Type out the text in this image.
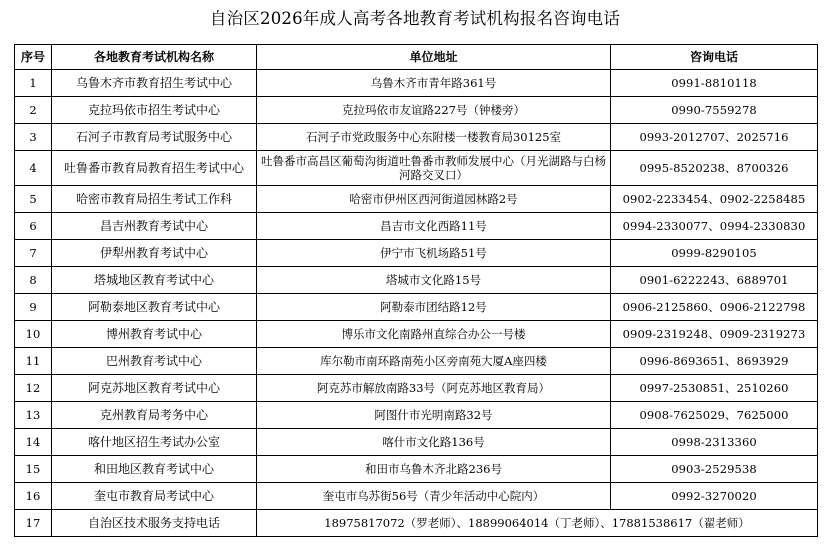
自治区2026年成人高考各地教育考试机构报名咨询电话
序号	各地教育考试机构名称	单位地址	咨询电话
1	乌鲁木齐市教育招生考试中心	乌鲁木齐市青年路361号	0991-8810118
2	克拉玛依市招生考试中心	克拉玛依市友谊路227号（钟楼旁）	0990-7559278
3	石河子市教育局考试服务中心	石河子市党政服务中心东附楼一楼教育局30125室	0993-2012707、2025716
4	吐鲁番市教育局教育招生考试中心	吐鲁番市高昌区葡萄沟街道吐鲁番市教师发展中心（月光湖路与白杨河路交叉口）	0995-8520238、8700326
5	哈密市教育局招生考试工作科	哈密市伊州区西河街道园林路2号	0902-2233454、0902-2258485
6	昌吉州教育考试中心	昌吉市文化西路11号	0994-2330077、0994-2330830
7	伊犁州教育考试中心	伊宁市飞机场路51号	0999-8290105
8	塔城地区教育考试中心	塔城市文化路15号	0901-6222243、6889701
9	阿勒泰地区教育考试中心	阿勒泰市团结路12号	0906-2125860、0906-2122798
10	博州教育考试中心	博乐市文化南路州直综合办公一号楼	0909-2319248、0909-2319273
11	巴州教育考试中心	库尔勒市南环路南苑小区旁南苑大厦A座四楼	0996-8693651、8693929
12	阿克苏地区教育考试中心	阿克苏市解放南路33号（阿克苏地区教育局）	0997-2530851、2510260
13	克州教育局考务中心	阿图什市光明南路32号	0908-7625029、7625000
14	喀什地区招生考试办公室	喀什市文化路136号	0998-2313360
15	和田地区教育考试中心	和田市乌鲁木齐北路236号	0903-2529538
16	奎屯市教育局考试中心	奎屯市乌苏街56号（青少年活动中心院内）	0992-3270020
17	自治区技术服务支持电话	18975817072（罗老师）、18899064014（丁老师）、17881538617（翟老师）	
